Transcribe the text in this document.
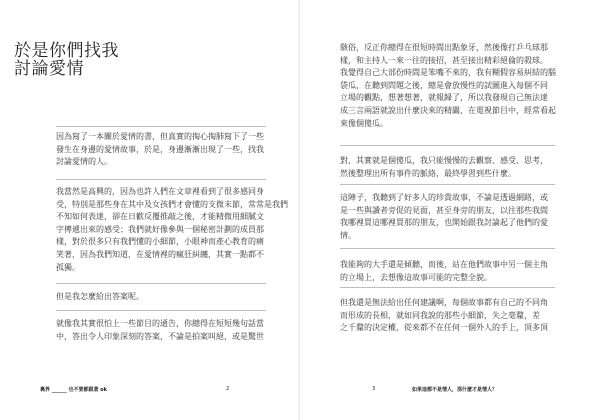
於是你們找我
討論愛情
因為寫了一本關於愛情的書，但真實的掏心掏肺寫下了一些
發生在身邊的愛情故事，於是，身邊漸漸出現了一些，找我
討論愛情的人。
我當然是高興的，因為也許人們在文章裡看到了很多感同身
受，特別是那些身在其中及女孩們才會懂的支微末節，常常是我們
不知如何表達，卻在日歡反覆推敲之後，才能精微用細膩文
字傳遞出來的感受；我們就好像參與一個秘密計劃的成員那
樣，對於很多只有我們懂的小細節，小眼神而產心教育的痛
笑著，因為我們知道，在愛情裡的瘋狂糾纏，其實一點都不
孤獨。
但是我怎麼給出答案呢。
就像我其實很怕上一些節目的通告，你總得在短短幾句話當
中，答出令人印象深刻的答案，不論是拍案叫絕，或是驚世
裏界 ______ 也不要都跟著 ok	2
駭俗，反正你總得在很短時間出點象牙，然後像打乒乓球那
樣，和主持人一來一往的接招，甚至接出精彩絕倫的殺球。
我覺得自己大部份時間是笨嘴不來的，我有糊假容易糾結的腦
袋瓜，在聽到問題之後，總是會放慢性的試圖進入每個不同
立場的觀點，想著想著，就報歸了，所以我發現自己無法達
成三言兩語就說出什麼決來的精闢，在電視節目中，經常看起
來像個傻瓜。
對，其實就是個傻瓜，我只能慢慢的去觀察、感受、思考，
然後整理出所有事件的脈絡，最終學習到些什麼。
這陣子，我聽到了好多人的珍貴故事，不論是透過網路，或
是一些與讀者旁促的見面，甚至身旁的朋友，以往那些我間
我哪裡買這哪裡買那的朋友，也開始跟我討論起了他們的愛
情。
我能夠的大手還是傾聽，而後，站在他們故事中另一個主角
的立場上，去想像這故事可能的完整全貌。
但我還是無法給出任何建議啊，每個故事都有自己的不同角
而形成的長相，就如同我說的那些小細節，失之毫釐，差
之千釐的決定權，從來都不在任何一個外人的手上，頂多頂
3	如果這都不是情人，那什麼才是情人？
